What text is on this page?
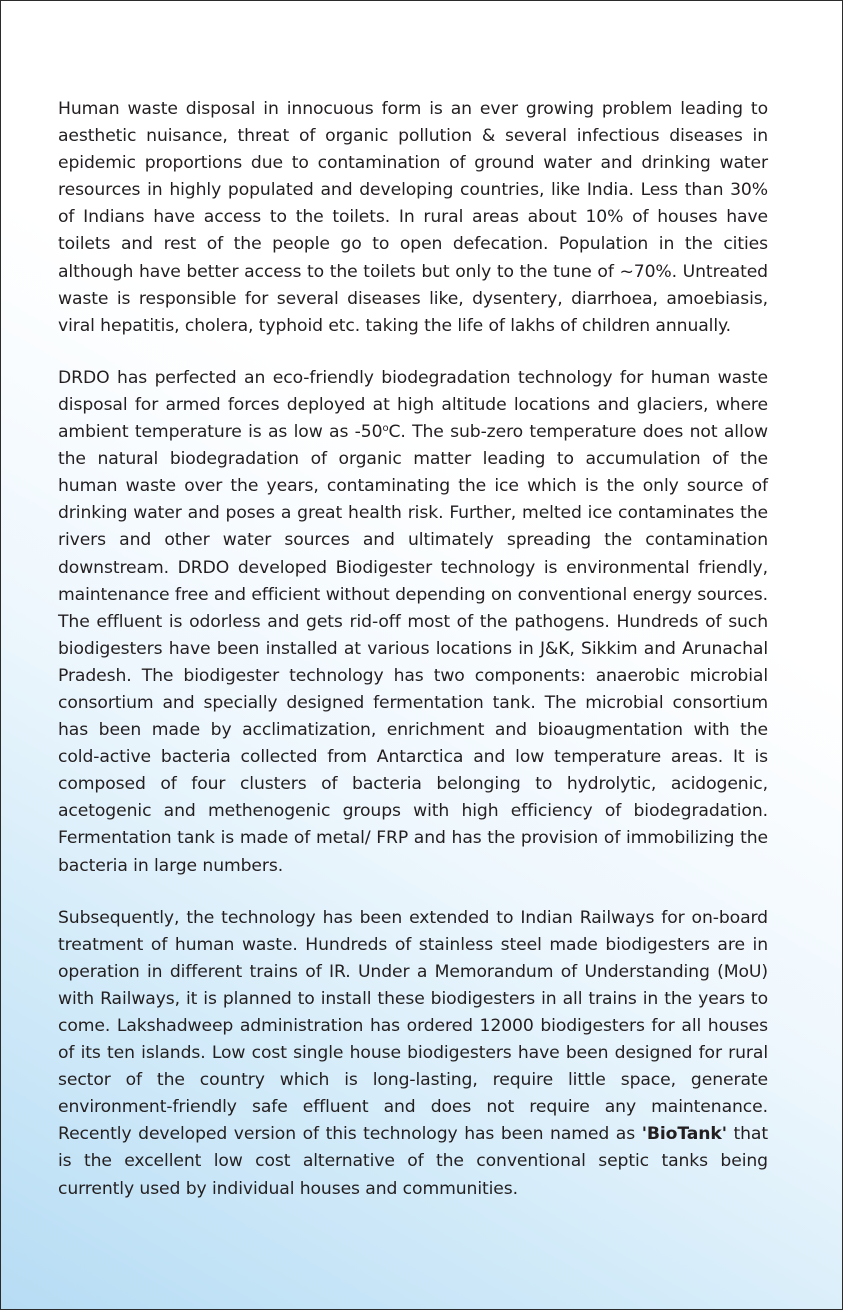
Human waste disposal in innocuous form is an ever growing problem leading to aesthetic nuisance, threat of organic pollution & several infectious diseases in epidemic proportions due to contamination of ground water and drinking water resources in highly populated and developing countries, like India. Less than 30% of Indians have access to the toilets. In rural areas about 10% of houses have toilets and rest of the people go to open defecation. Population in the cities although have better access to the toilets but only to the tune of ~70%. Untreated waste is responsible for several diseases like, dysentery, diarrhoea, amoebiasis, viral hepatitis, cholera, typhoid etc. taking the life of lakhs of children annually.

DRDO has perfected an eco-friendly biodegradation technology for human waste disposal for armed forces deployed at high altitude locations and glaciers, where ambient temperature is as low as -50$^o$C. The sub-zero temperature does not allow the natural biodegradation of organic matter leading to accumulation of the human waste over the years, contaminating the ice which is the only source of drinking water and poses a great health risk. Further, melted ice contaminates the rivers and other water sources and ultimately spreading the contamination downstream. DRDO developed Biodigester technology is environmental friendly, maintenance free and efficient without depending on conventional energy sources. The effluent is odorless and gets rid-off most of the pathogens. Hundreds of such biodigesters have been installed at various locations in J&K, Sikkim and Arunachal Pradesh. The biodigester technology has two components: anaerobic microbial consortium and specially designed fermentation tank. The microbial consortium has been made by acclimatization, enrichment and bioaugmentation with the cold-active bacteria collected from Antarctica and low temperature areas. It is composed of four clusters of bacteria belonging to hydrolytic, acidogenic, acetogenic and methenogenic groups with high efficiency of biodegradation. Fermentation tank is made of metal/ FRP and has the provision of immobilizing the bacteria in large numbers.

Subsequently, the technology has been extended to Indian Railways for on-board treatment of human waste. Hundreds of stainless steel made biodigesters are in operation in different trains of IR. Under a Memorandum of Understanding (MoU) with Railways, it is planned to install these biodigesters in all trains in the years to come. Lakshadweep administration has ordered 12000 biodigesters for all houses of its ten islands. Low cost single house biodigesters have been designed for rural sector of the country which is long-lasting, require little space, generate environment-friendly safe effluent and does not require any maintenance. Recently developed version of this technology has been named as 'BioTank' that is the excellent low cost alternative of the conventional septic tanks being currently used by individual houses and communities.
